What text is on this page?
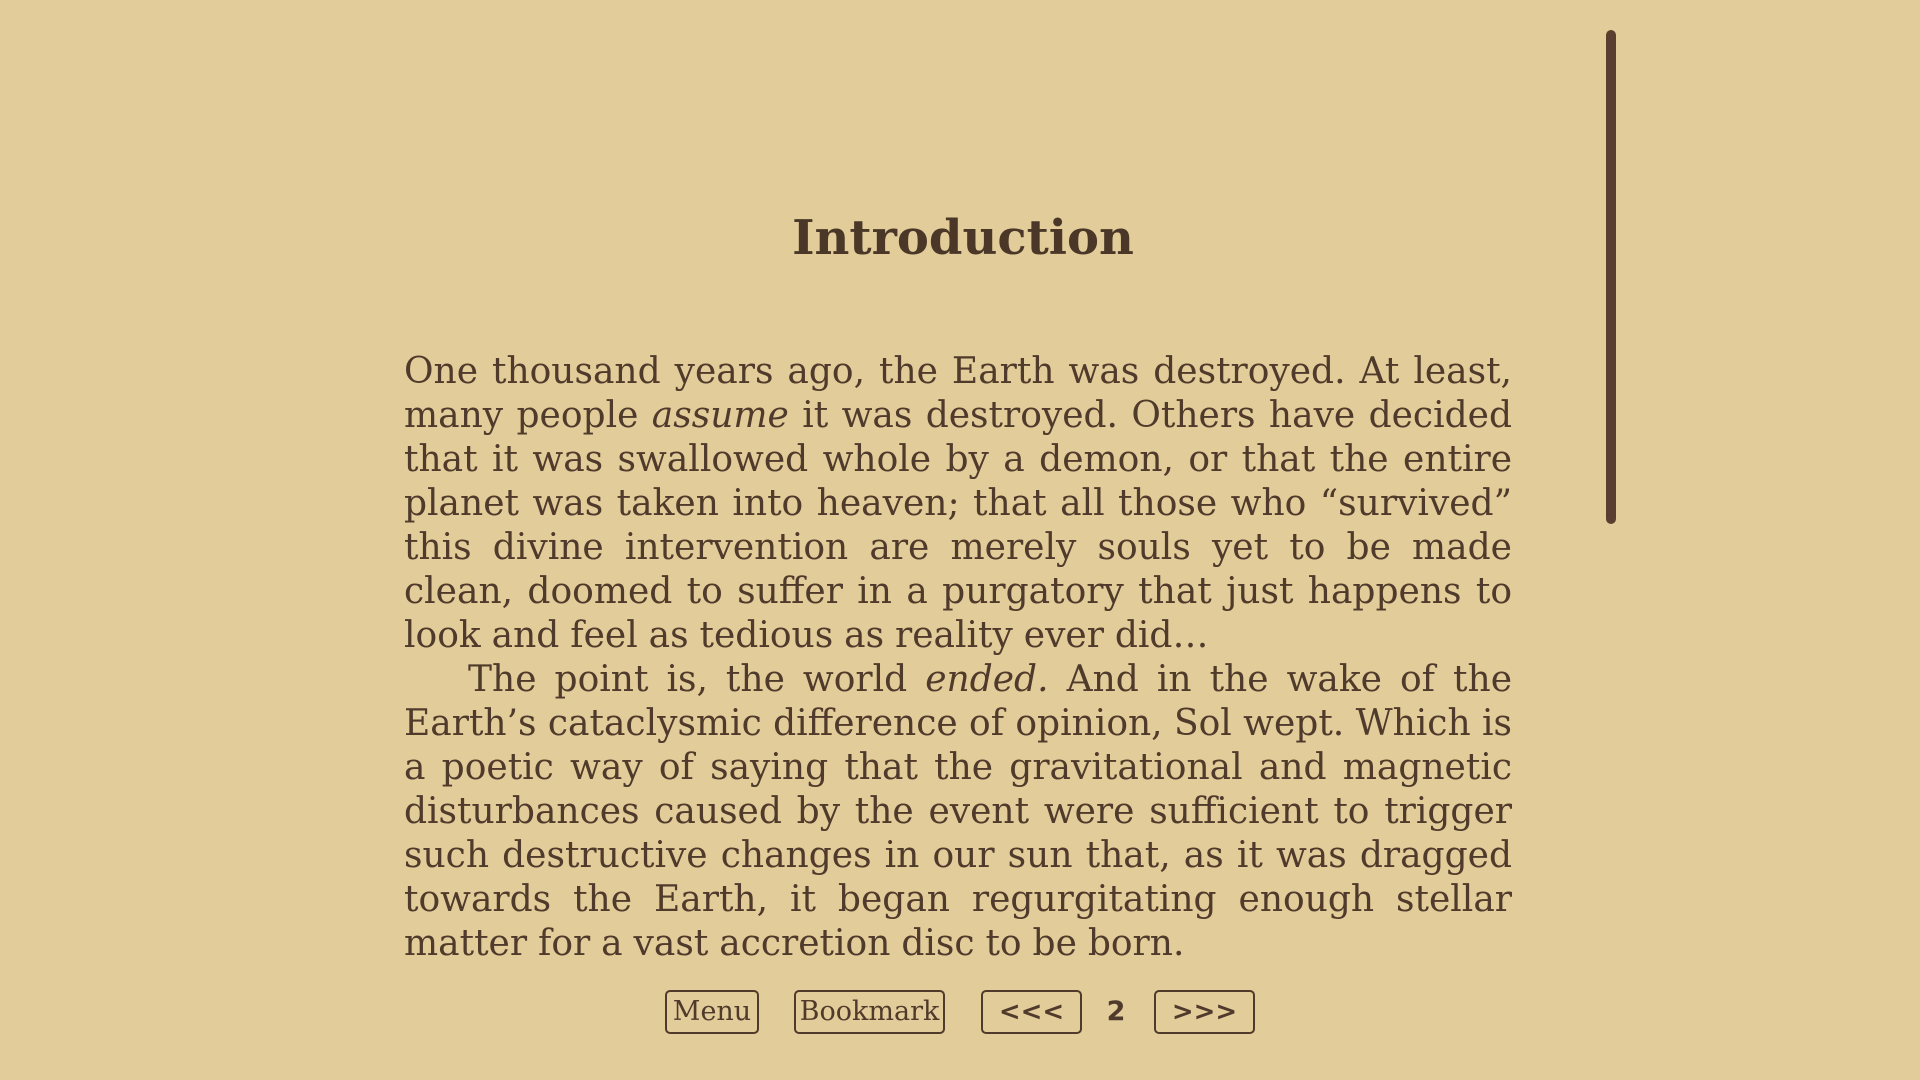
Introduction

One thousand years ago, the Earth was destroyed. At least, many people assume it was destroyed. Others have decided that it was swallowed whole by a demon, or that the entire planet was taken into heaven; that all those who “survived” this divine intervention are merely souls yet to be made clean, doomed to suffer in a purgatory that just happens to look and feel as tedious as reality ever did…

The point is, the world ended. And in the wake of the Earth’s cataclysmic difference of opinion, Sol wept. Which is a poetic way of saying that the gravitational and magnetic disturbances caused by the event were sufficient to trigger such destructive changes in our sun that, as it was dragged towards the Earth, it began regurgitating enough stellar matter for a vast accretion disc to be born.

Menu Bookmark	<<<	2	>>>
